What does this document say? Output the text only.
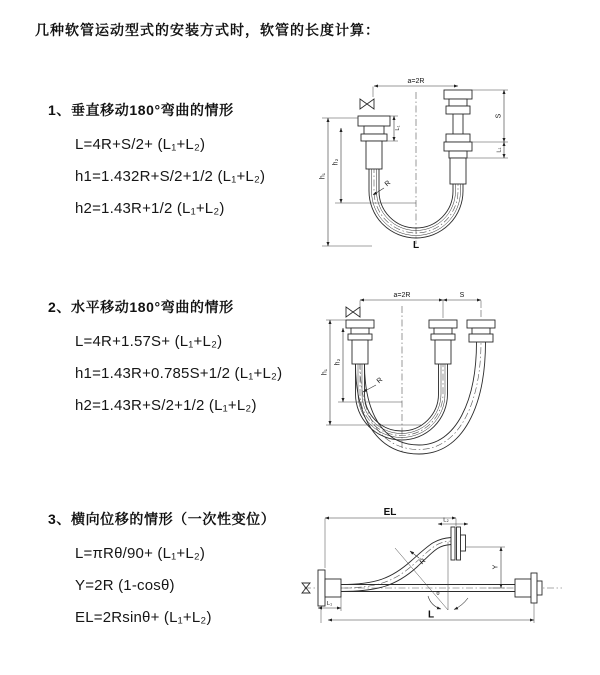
几种软管运动型式的安装方式时，软管的长度计算：
1、垂直移动180°弯曲的情形
L=4R+S/2+ (L₁+L₂)
h1=1.432R+S/2+1/2 (L₁+L₂)
h2=1.43R+1/2 (L₁+L₂)
2、水平移动180°弯曲的情形
L=4R+1.57S+ (L₁+L₂)
h1=1.43R+0.785S+1/2 (L₁+L₂)
h2=1.43R+S/2+1/2 (L₁+L₂)
3、横向位移的情形（一次性变位）
L=πRθ/90+ (L₁+L₂)
Y=2R (1-cosθ)
EL=2Rsinθ+ (L₁+L₂)
a=2R
h₁
h₂
L₁
S
L₁
R
L
a=2R	S
h₁
h₂
R
EL
L₂
Y
L
L₁
R
θ
